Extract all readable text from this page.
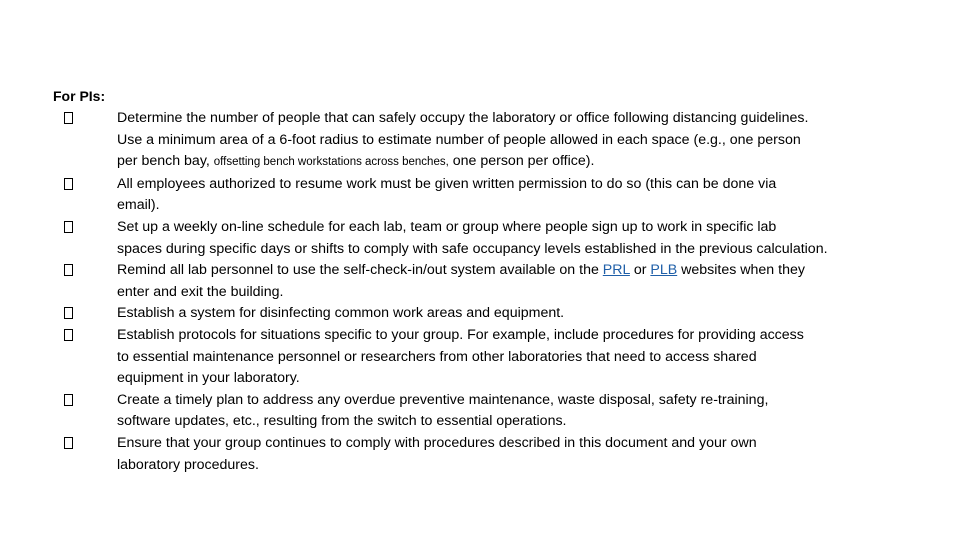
For PIs:
Determine the number of people that can safely occupy the laboratory or office following distancing guidelines.
Use a minimum area of a 6-foot radius to estimate number of people allowed in each space (e.g., one person
per bench bay, offsetting bench workstations across benches, one person per office).
All employees authorized to resume work must be given written permission to do so (this can be done via
email).
Set up a weekly on-line schedule for each lab, team or group where people sign up to work in specific lab
spaces during specific days or shifts to comply with safe occupancy levels established in the previous calculation.
Remind all lab personnel to use the self-check-in/out system available on the PRL or PLB websites when they
enter and exit the building.
Establish a system for disinfecting common work areas and equipment.
Establish protocols for situations specific to your group. For example, include procedures for providing access
to essential maintenance personnel or researchers from other laboratories that need to access shared
equipment in your laboratory.
Create a timely plan to address any overdue preventive maintenance, waste disposal, safety re-training,
software updates, etc., resulting from the switch to essential operations.
Ensure that your group continues to comply with procedures described in this document and your own
laboratory procedures.
